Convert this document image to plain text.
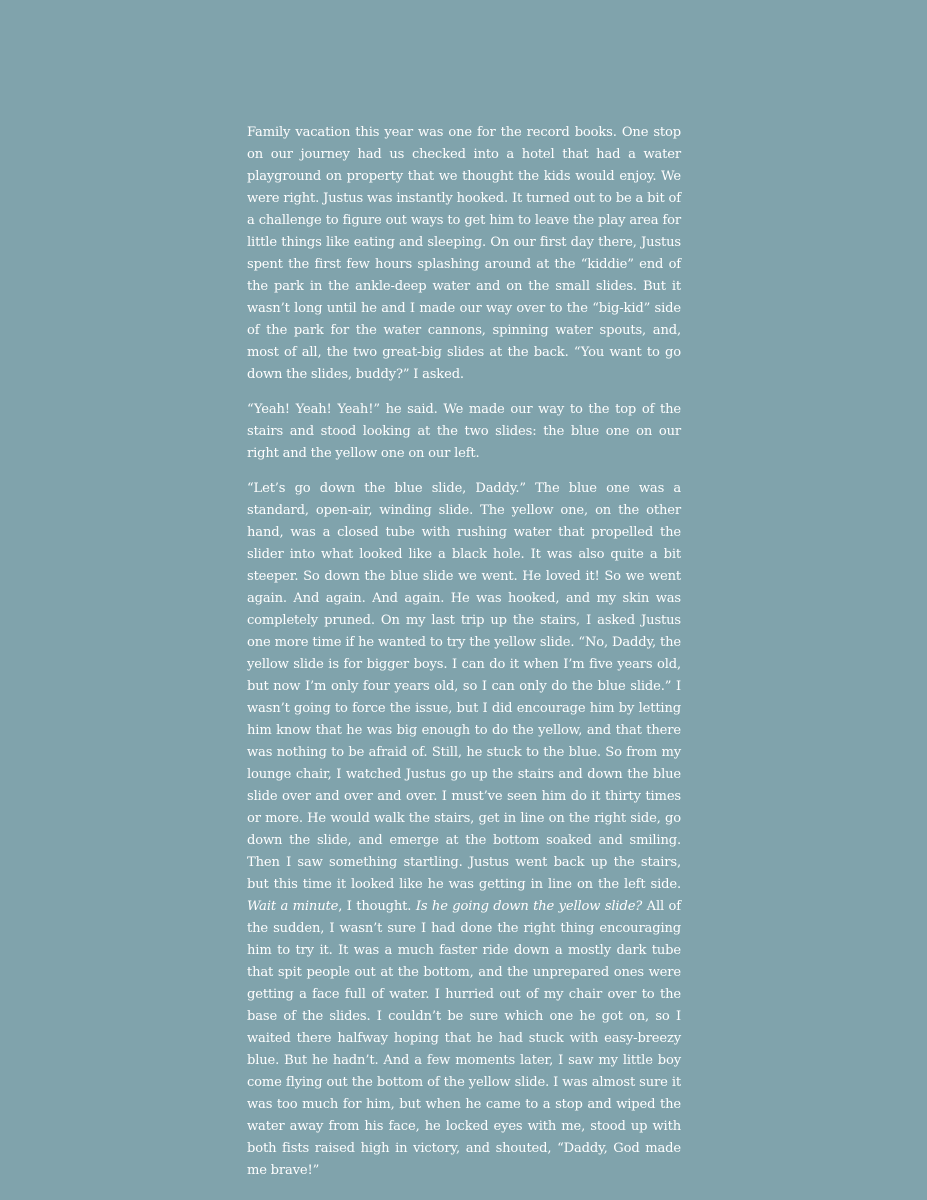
Family vacation this year was one for the record books. One stop on our journey had us checked into a hotel that had a water playground on property that we thought the kids would enjoy. We were right. Justus was instantly hooked. It turned out to be a bit of a challenge to figure out ways to get him to leave the play area for little things like eating and sleeping. On our first day there, Justus spent the first few hours splashing around at the “kiddie” end of the park in the ankle-deep water and on the small slides. But it wasn’t long until he and I made our way over to the “big-kid” side of the park for the water cannons, spinning water spouts, and, most of all, the two great-big slides at the back. “You want to go down the slides, buddy?” I asked.

“Yeah! Yeah! Yeah!” he said. We made our way to the top of the stairs and stood looking at the two slides: the blue one on our right and the yellow one on our left.

“Let’s go down the blue slide, Daddy.” The blue one was a standard, open-air, winding slide. The yellow one, on the other hand, was a closed tube with rushing water that propelled the slider into what looked like a black hole. It was also quite a bit steeper. So down the blue slide we went. He loved it! So we went again. And again. And again. He was hooked, and my skin was completely pruned. On my last trip up the stairs, I asked Justus one more time if he wanted to try the yellow slide. “No, Daddy, the yellow slide is for bigger boys. I can do it when I’m five years old, but now I’m only four years old, so I can only do the blue slide.” I wasn’t going to force the issue, but I did encourage him by letting him know that he was big enough to do the yellow, and that there was nothing to be afraid of. Still, he stuck to the blue. So from my lounge chair, I watched Justus go up the stairs and down the blue slide over and over and over. I must’ve seen him do it thirty times or more. He would walk the stairs, get in line on the right side, go down the slide, and emerge at the bottom soaked and smiling. Then I saw something startling. Justus went back up the stairs, but this time it looked like he was getting in line on the left side. Wait a minute, I thought. Is he going down the yellow slide? All of the sudden, I wasn’t sure I had done the right thing encouraging him to try it. It was a much faster ride down a mostly dark tube that spit people out at the bottom, and the unprepared ones were getting a face full of water. I hurried out of my chair over to the base of the slides. I couldn’t be sure which one he got on, so I waited there halfway hoping that he had stuck with easy-breezy blue. But he hadn’t. And a few moments later, I saw my little boy come flying out the bottom of the yellow slide. I was almost sure it was too much for him, but when he came to a stop and wiped the water away from his face, he locked eyes with me, stood up with both fists raised high in victory, and shouted, “Daddy, God made me brave!”
